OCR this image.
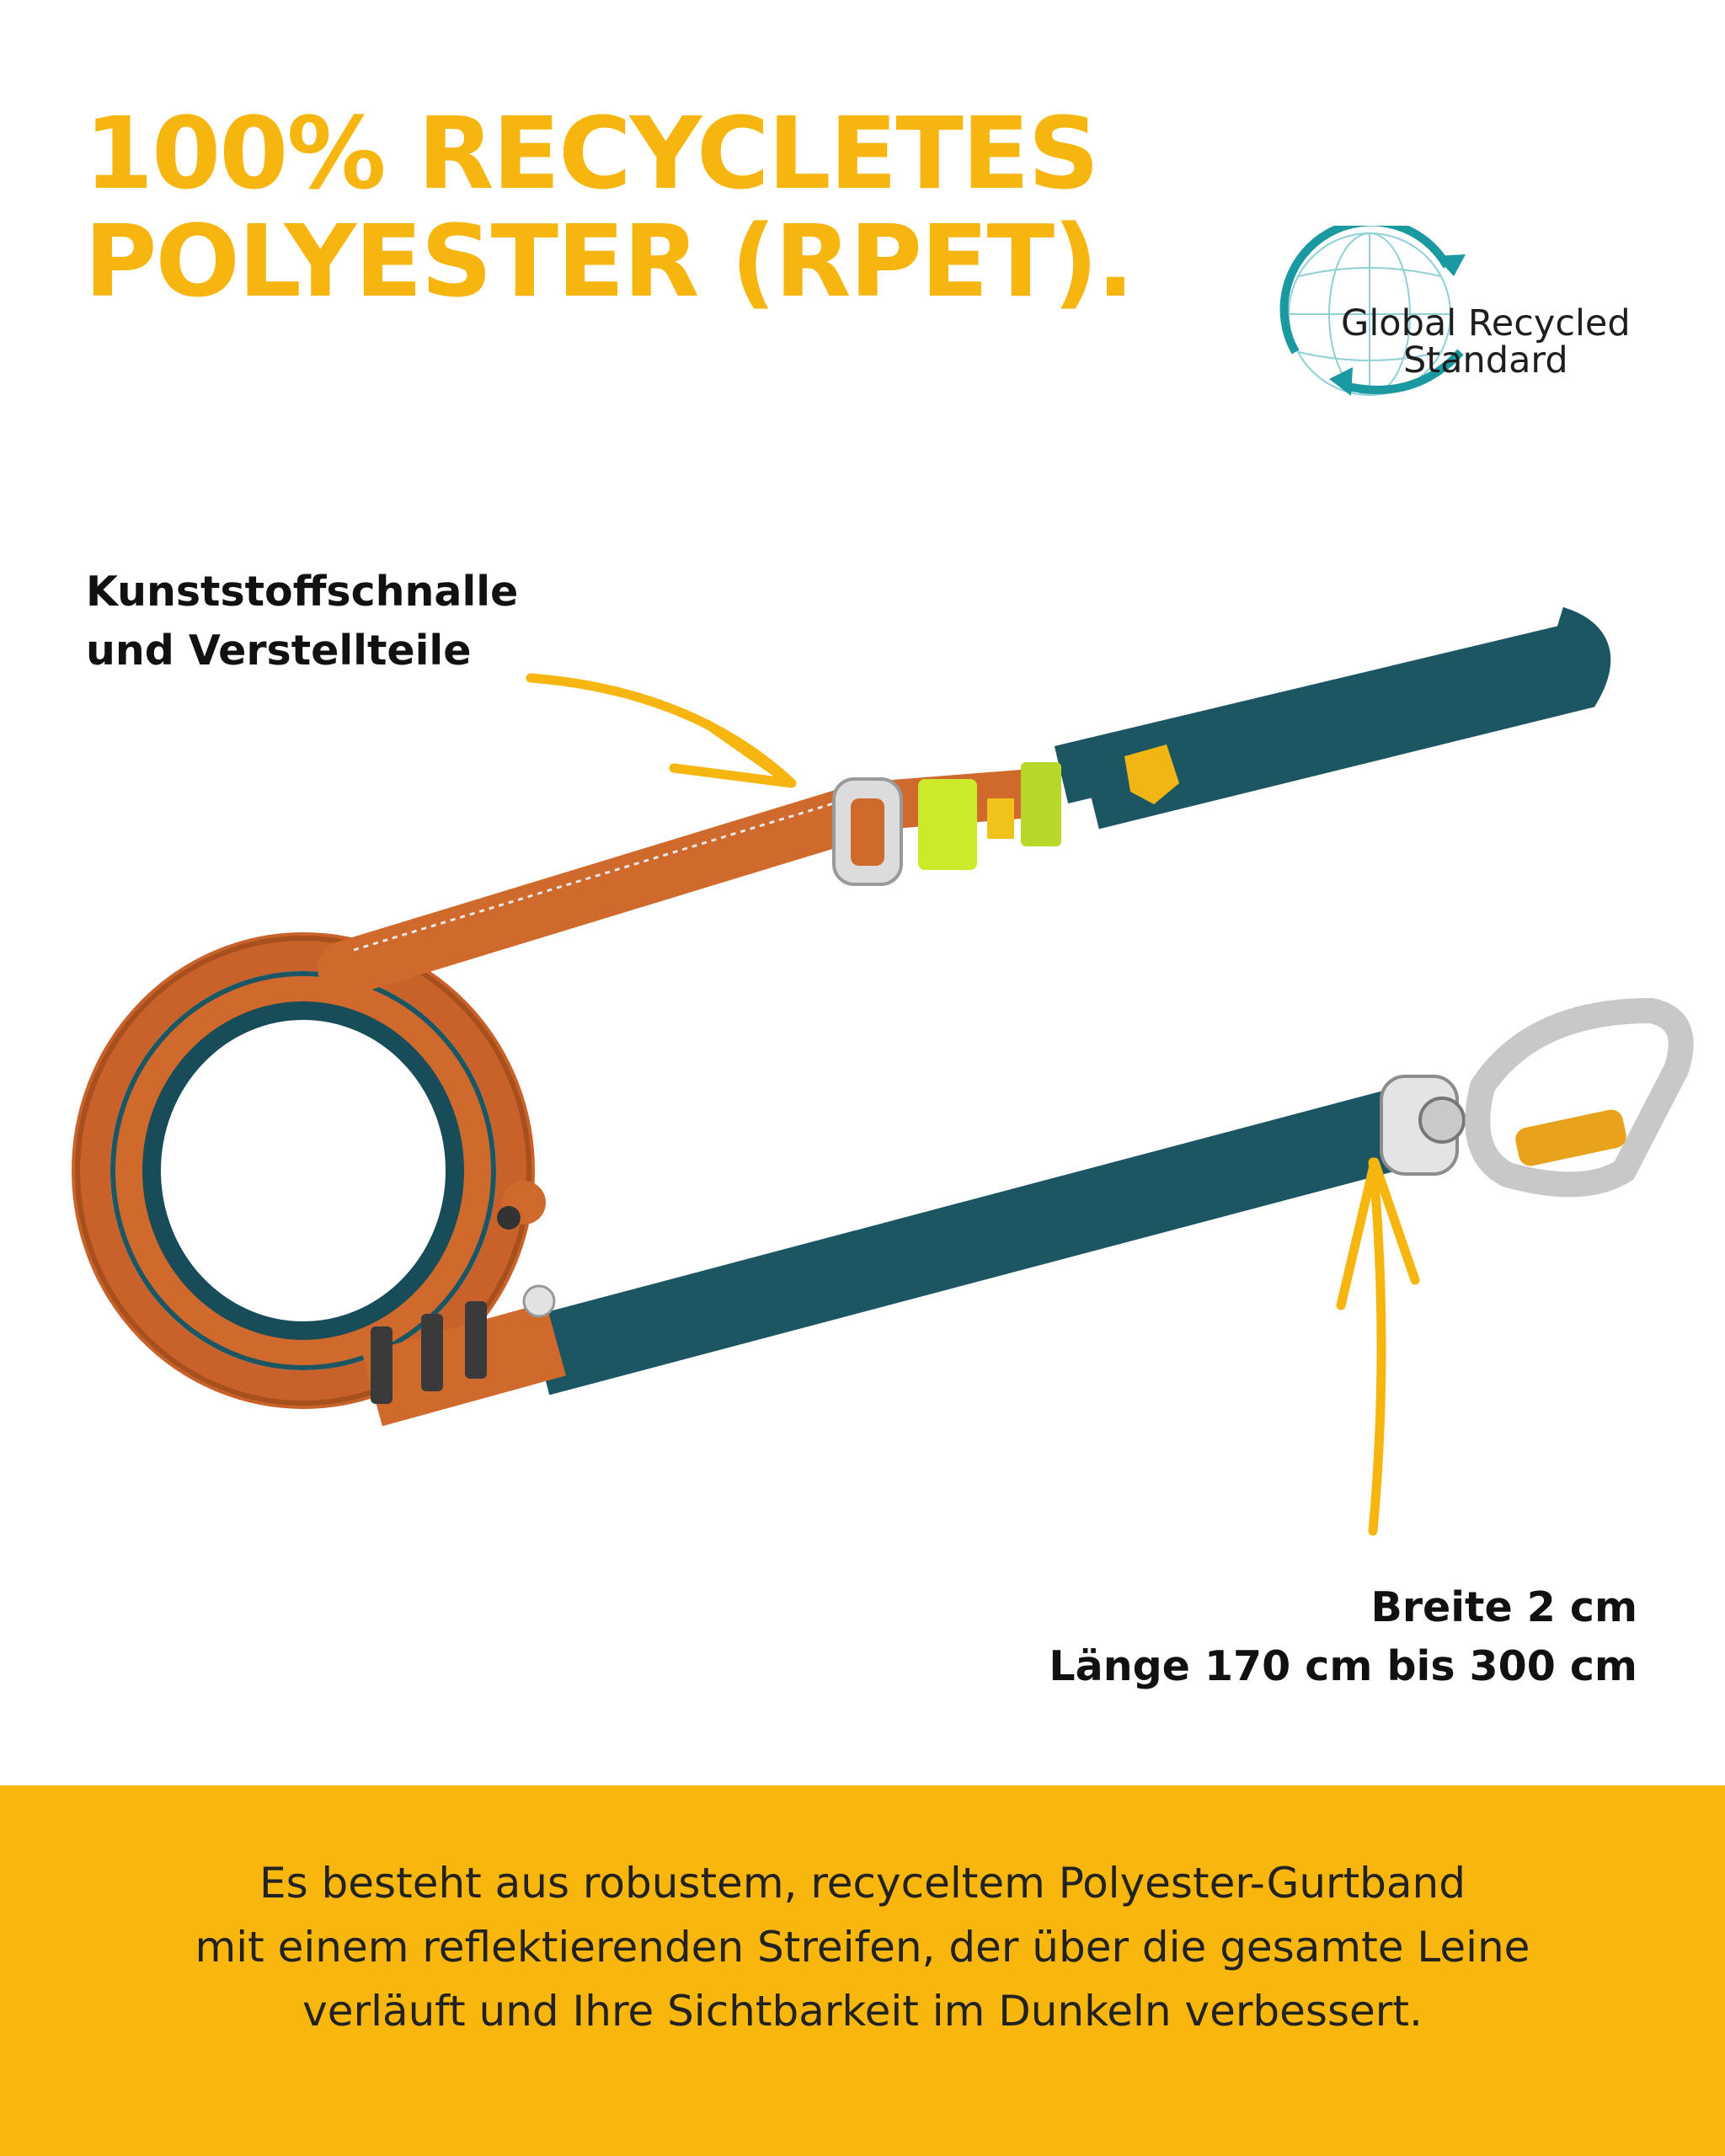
100% RECYCLETES
POLYESTER (RPET).
Global Recycled
Standard

Kunststoffschnalle
und Verstellteile

Breite 2 cm
Länge 170 cm bis 300 cm

Es besteht aus robustem, recyceltem Polyester-Gurtband
mit einem reflektierenden Streifen, der über die gesamte Leine
verläuft und Ihre Sichtbarkeit im Dunkeln verbessert.
